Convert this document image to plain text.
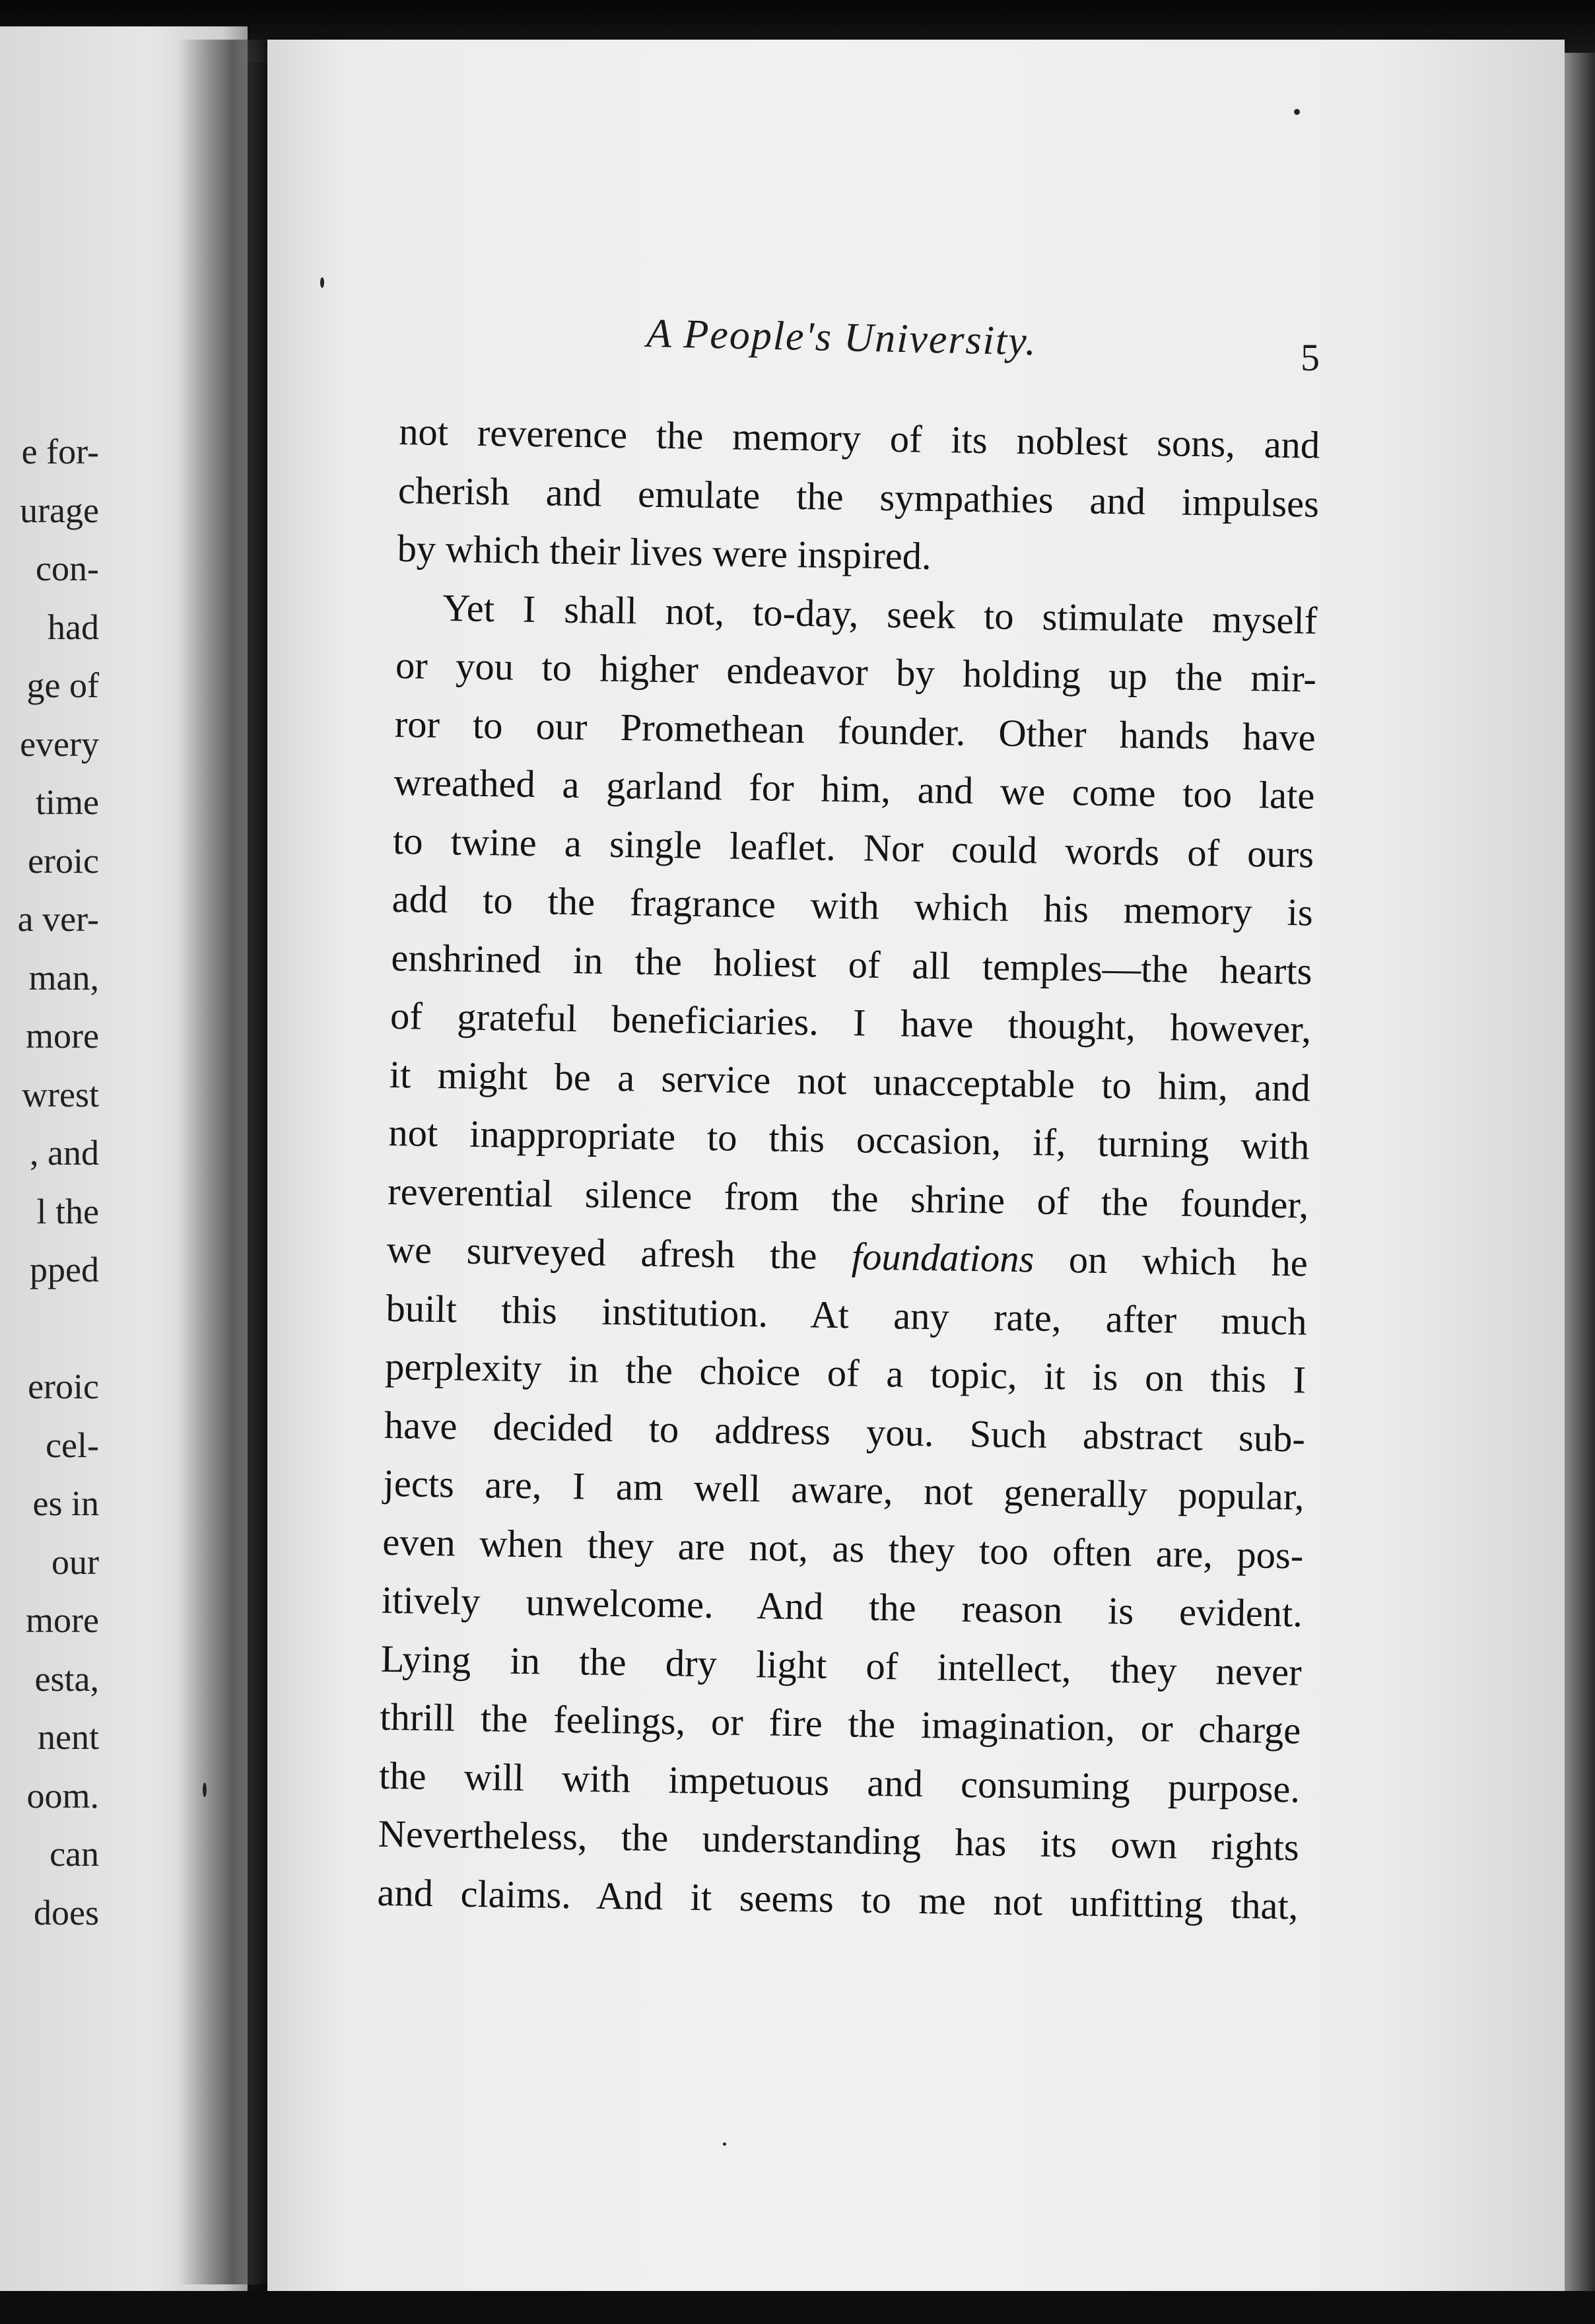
e for-
urage
con-
had
ge of
every
time
eroic
a ver-
man,
more
wrest
, and
l the
pped
eroic
cel-
es in
our
more
esta,
nent
oom.
can
does
A People's University.	5
not reverence the memory of its noblest sons, and
cherish and emulate the sympathies and impulses
by which their lives were inspired.
Yet I shall not, to-day, seek to stimulate myself
or you to higher endeavor by holding up the mir-
ror to our Promethean founder. Other hands have
wreathed a garland for him, and we come too late
to twine a single leaflet. Nor could words of ours
add to the fragrance with which his memory is
enshrined in the holiest of all temples—the hearts
of grateful beneficiaries. I have thought, however,
it might be a service not unacceptable to him, and
not inappropriate to this occasion, if, turning with
reverential silence from the shrine of the founder,
we surveyed afresh the foundations on which he
built this institution. At any rate, after much
perplexity in the choice of a topic, it is on this I
have decided to address you. Such abstract sub-
jects are, I am well aware, not generally popular,
even when they are not, as they too often are, pos-
itively unwelcome. And the reason is evident.
Lying in the dry light of intellect, they never
thrill the feelings, or fire the imagination, or charge
the will with impetuous and consuming purpose.
Nevertheless, the understanding has its own rights
and claims. And it seems to me not unfitting that,
